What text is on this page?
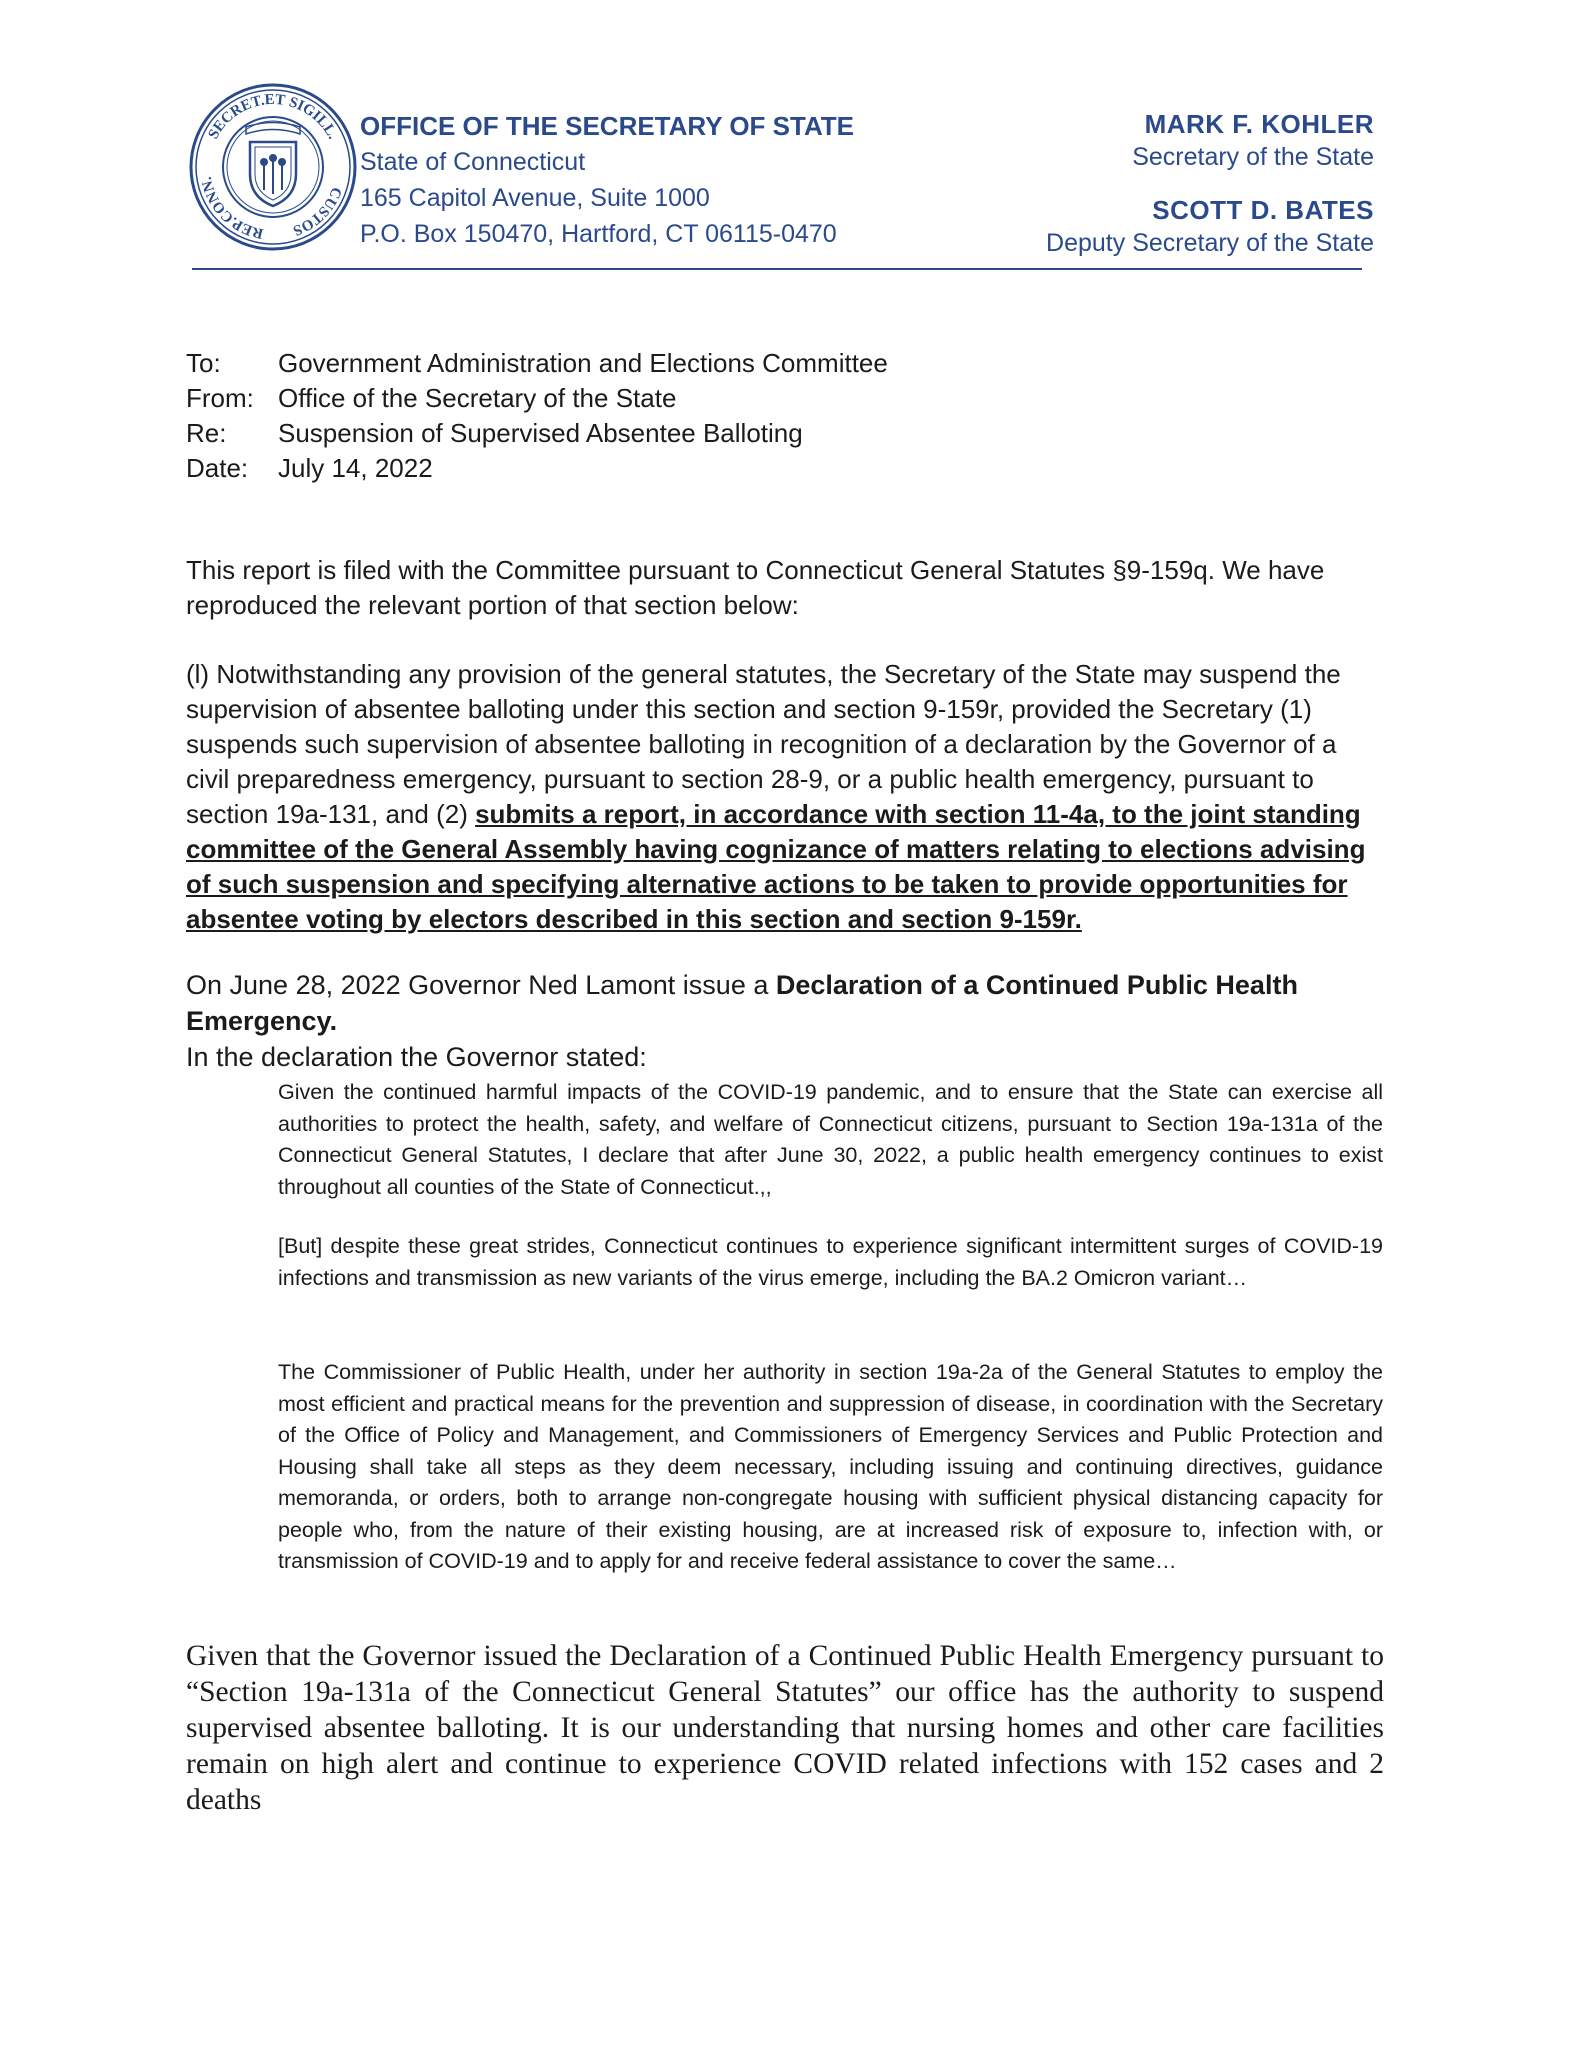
SECRET.ET SIGILL.
REP.CONN.
CUSTOS
OFFICE OF THE SECRETARY OF STATE
State of Connecticut
165 Capitol Avenue, Suite 1000
P.O. Box 150470, Hartford, CT 06115-0470
MARK F. KOHLER
Secretary of the State
SCOTT D. BATES
Deputy Secretary of the State
To:	Government Administration and Elections Committee
From: Office of the Secretary of the State
Re:	Suspension of Supervised Absentee Balloting
Date:	July 14, 2022

This report is filed with the Committee pursuant to Connecticut General Statutes §9-159q. We have reproduced the relevant portion of that section below:

(l) Notwithstanding any provision of the general statutes, the Secretary of the State may suspend the supervision of absentee balloting under this section and section 9-159r, provided the Secretary (1) suspends such supervision of absentee balloting in recognition of a declaration by the Governor of a civil preparedness emergency, pursuant to section 28-9, or a public health emergency, pursuant to section 19a-131, and (2) submits a report, in accordance with section 11-4a, to the joint standing committee of the General Assembly having cognizance of matters relating to elections advising of such suspension and specifying alternative actions to be taken to provide opportunities for absentee voting by electors described in this section and section 9-159r.

On June 28, 2022 Governor Ned Lamont issue a Declaration of a Continued Public Health Emergency.
In the declaration the Governor stated:

Given the continued harmful impacts of the COVID-19 pandemic, and to ensure that the State can exercise all authorities to protect the health, safety, and welfare of Connecticut citizens, pursuant to Section 19a-131a of the Connecticut General Statutes, I declare that after June 30, 2022, a public health emergency continues to exist throughout all counties of the State of Connecticut.,,

[But] despite these great strides, Connecticut continues to experience significant intermittent surges of COVID-19 infections and transmission as new variants of the virus emerge, including the BA.2 Omicron variant…

The Commissioner of Public Health, under her authority in section 19a-2a of the General Statutes to employ the most efficient and practical means for the prevention and suppression of disease, in coordination with the Secretary of the Office of Policy and Management, and Commissioners of Emergency Services and Public Protection and Housing shall take all steps as they deem necessary, including issuing and continuing directives, guidance memoranda, or orders, both to arrange non-congregate housing with sufficient physical distancing capacity for people who, from the nature of their existing housing, are at increased risk of exposure to, infection with, or transmission of COVID-19 and to apply for and receive federal assistance to cover the same…

Given that the Governor issued the Declaration of a Continued Public Health Emergency pursuant to “Section 19a-131a of the Connecticut General Statutes” our office has the authority to suspend supervised absentee balloting. It is our understanding that nursing homes and other care facilities remain on high alert and continue to experience COVID related infections with 152 cases and 2 deaths
